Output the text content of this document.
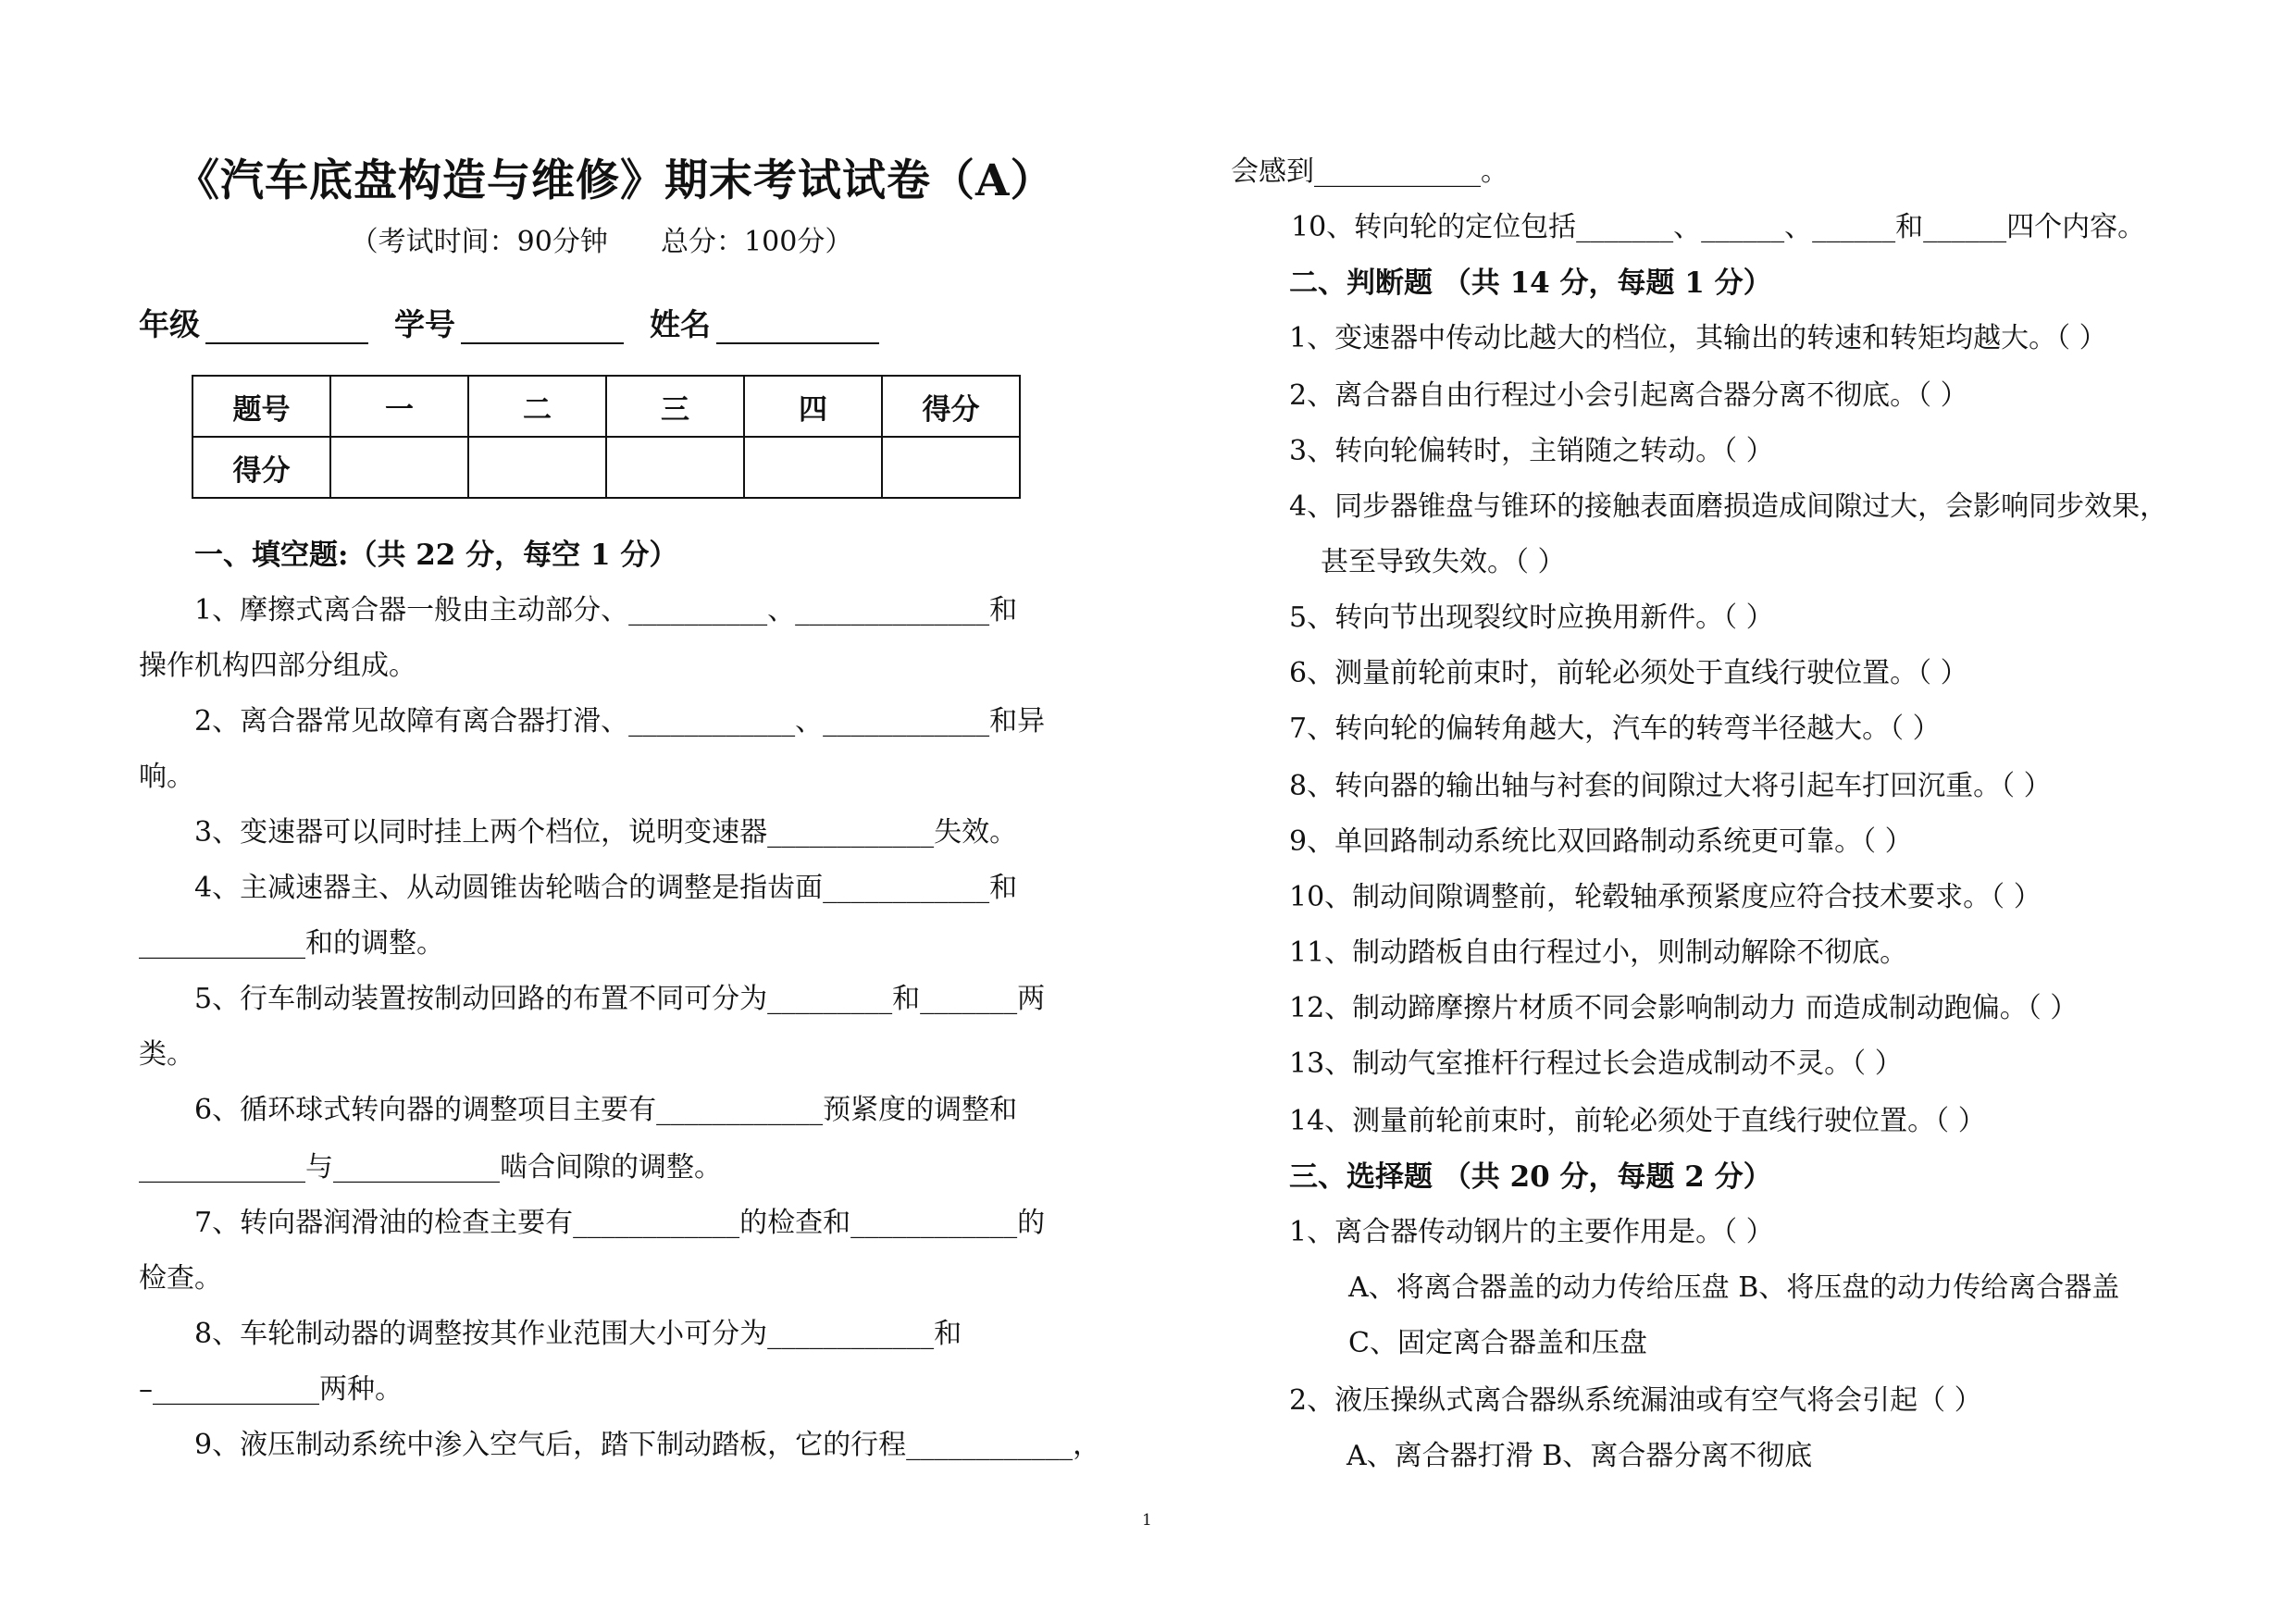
《汽车底盘构造与维修》期末考试试卷（A）
（考试时间：90分钟      总分：100分）
年级	学号	姓名
题号	一	二	三	四	得分
得分					
一、填空题:（共 22 分，每空 1 分）
1、摩擦式离合器一般由主动部分、__________、______________和
操作机构四部分组成。
2、离合器常见故障有离合器打滑、____________、____________和异
响。
3、变速器可以同时挂上两个档位，说明变速器____________失效。
4、主减速器主、从动圆锥齿轮啮合的调整是指齿面____________和
____________和的调整。
5、行车制动装置按制动回路的布置不同可分为_________和_______两
类。
6、循环球式转向器的调整项目主要有____________预紧度的调整和
____________与____________啮合间隙的调整。
7、转向器润滑油的检查主要有____________的检查和____________的
检查。
8、车轮制动器的调整按其作业范围大小可分为____________和
–____________两种。
9、液压制动系统中渗入空气后，踏下制动踏板，它的行程____________，
会感到____________。
10、转向轮的定位包括_______、______、______和______四个内容。
二、判断题 （共 14 分，每题 1 分）
1、变速器中传动比越大的档位，其输出的转速和转矩均越大。（ ）
2、离合器自由行程过小会引起离合器分离不彻底。（ ）
3、转向轮偏转时，主销随之转动。（ ）
4、同步器锥盘与锥环的接触表面磨损造成间隙过大，会影响同步效果，
甚至导致失效。（ ）
5、转向节出现裂纹时应换用新件。（ ）
6、测量前轮前束时，前轮必须处于直线行驶位置。（ ）
7、转向轮的偏转角越大，汽车的转弯半径越大。（ ）
8、转向器的输出轴与衬套的间隙过大将引起车打回沉重。（ ）
9、单回路制动系统比双回路制动系统更可靠。（ ）
10、制动间隙调整前，轮毂轴承预紧度应符合技术要求。（ ）
11、制动踏板自由行程过小，则制动解除不彻底。
12、制动蹄摩擦片材质不同会影响制动力 而造成制动跑偏。（ ）
13、制动气室推杆行程过长会造成制动不灵。（ ）
14、测量前轮前束时，前轮必须处于直线行驶位置。（ ）
三、选择题 （共 20 分，每题 2 分）
1、离合器传动钢片的主要作用是。（ ）
A、将离合器盖的动力传给压盘 B、将压盘的动力传给离合器盖
C、固定离合器盖和压盘
2、液压操纵式离合器纵系统漏油或有空气将会引起（ ）
A、离合器打滑 B、离合器分离不彻底
1
